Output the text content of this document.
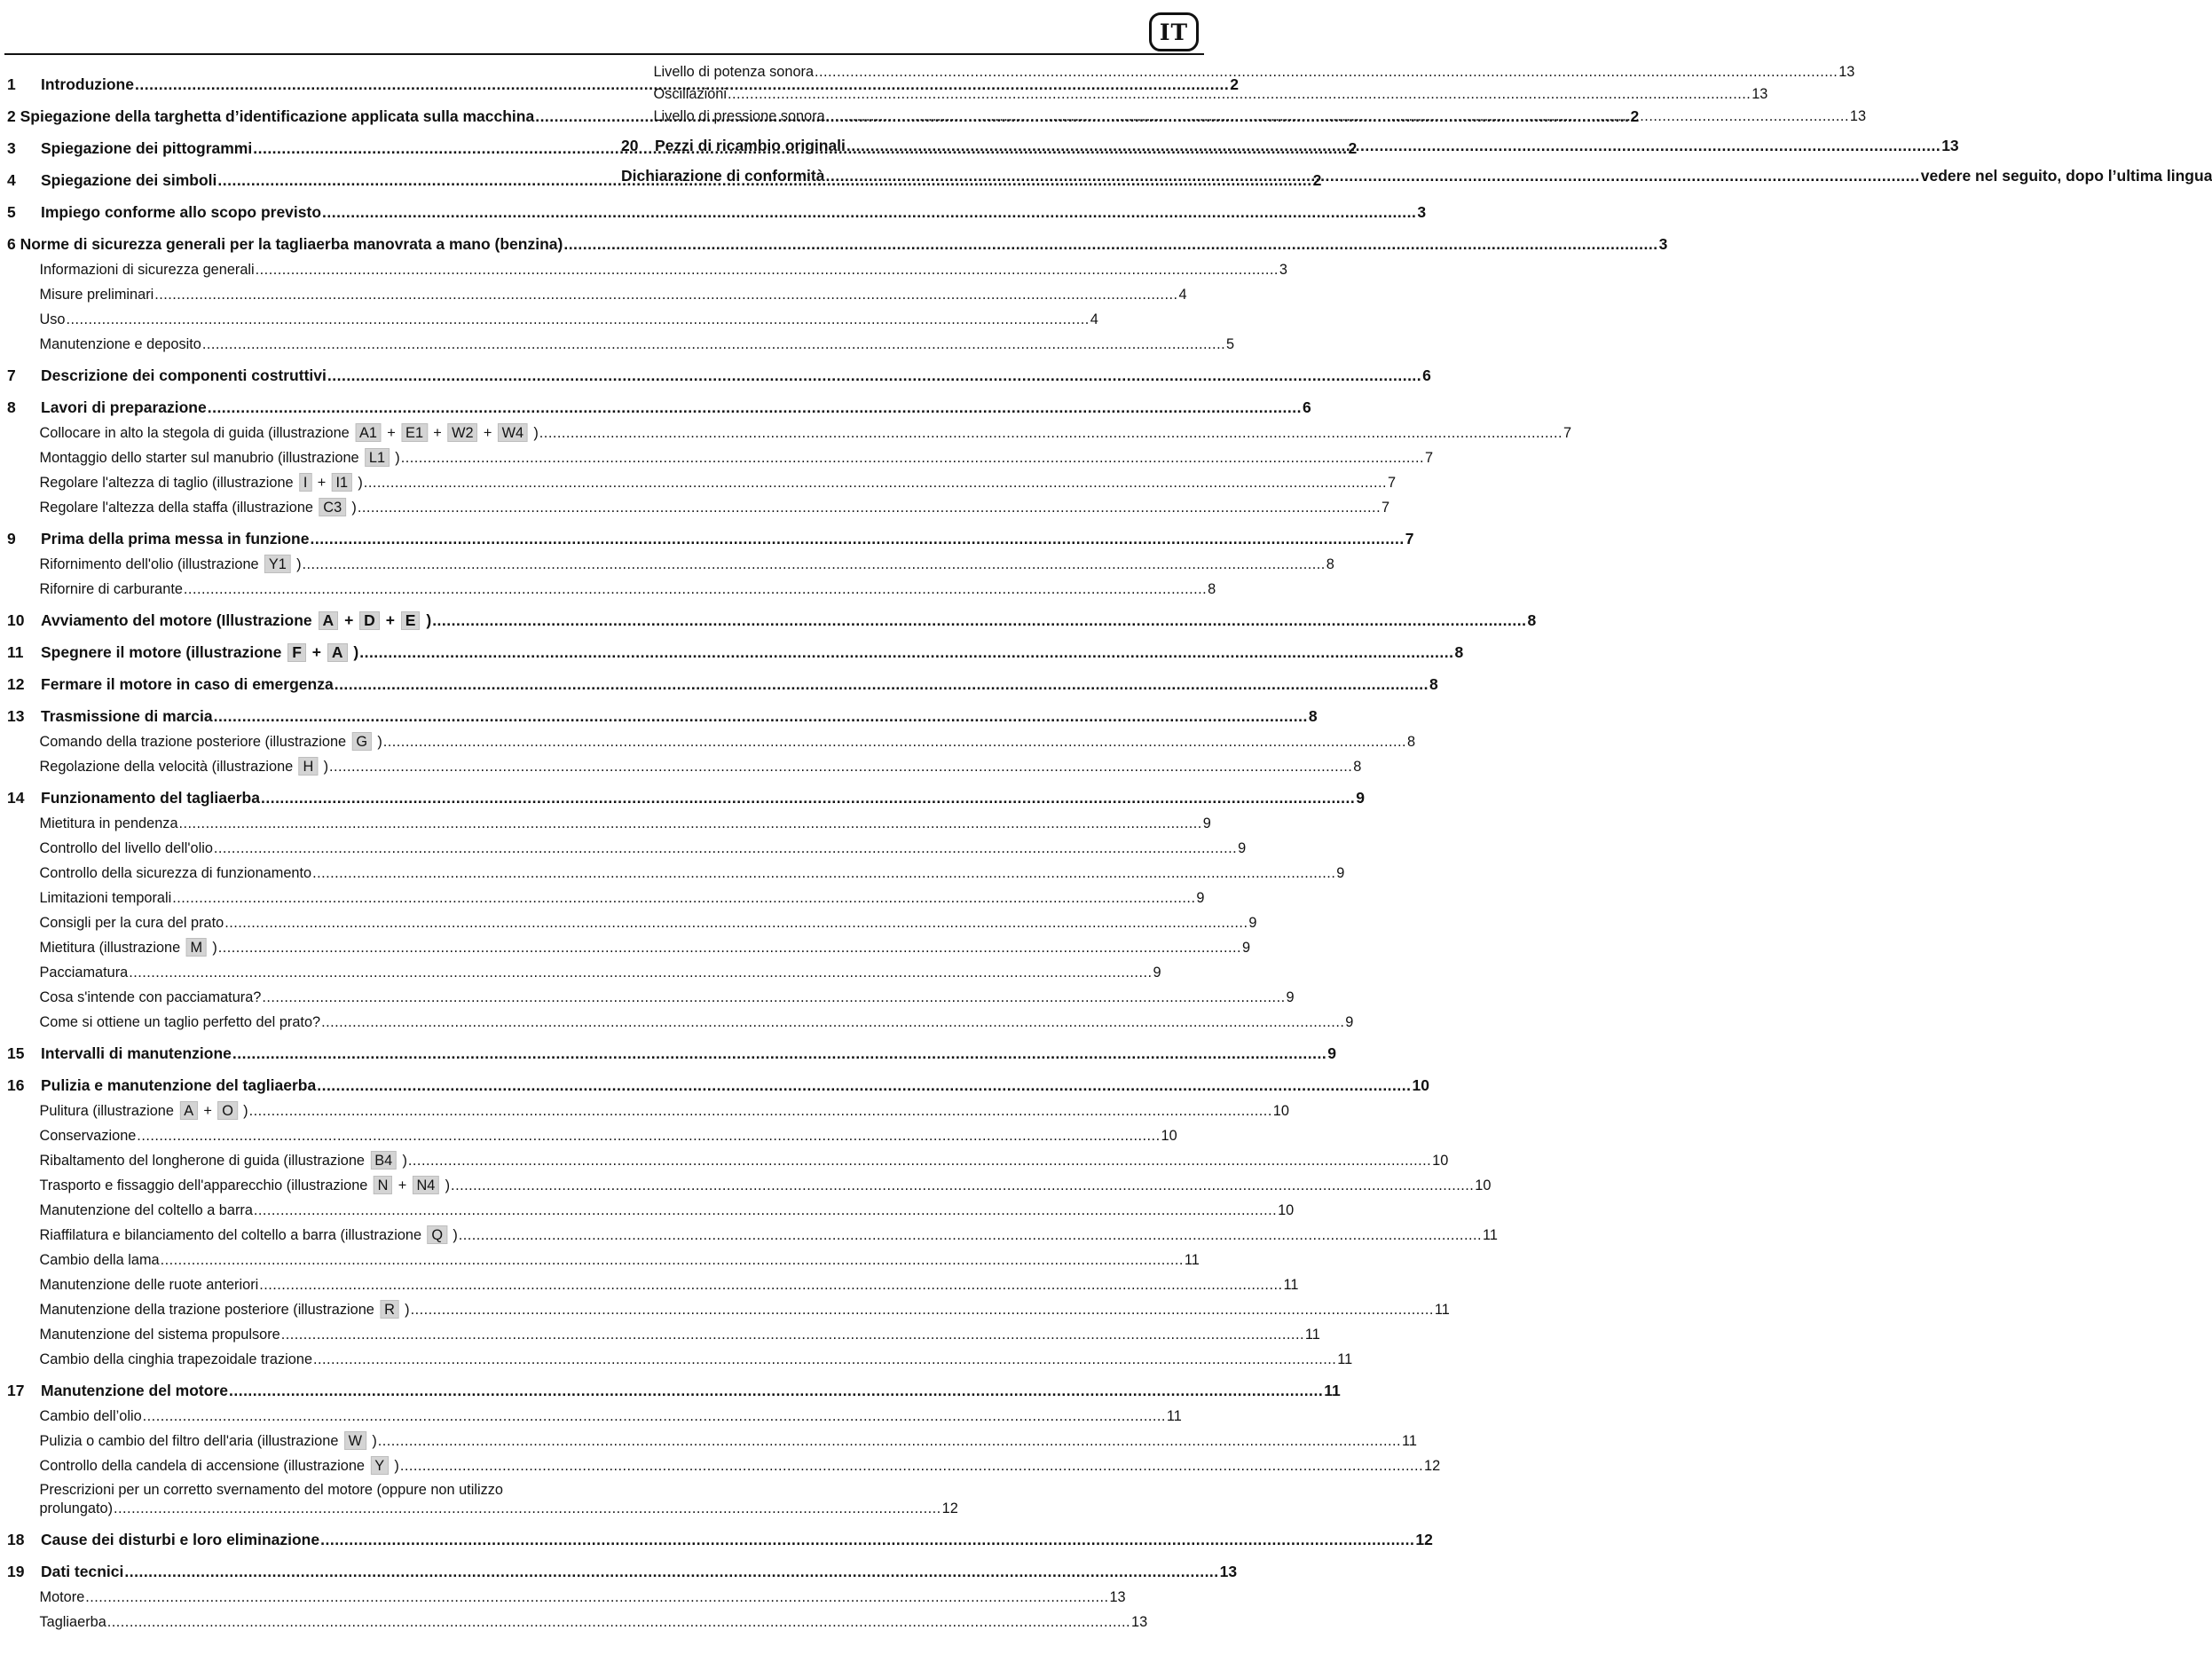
IT
1	Introduzione .....	2
2 Spiegazione della targhetta d’identificazione applicata sulla macchina .....	2
3	Spiegazione dei pittogrammi .....	2
4	Spiegazione dei simboli .....	2
5	Impiego conforme allo scopo previsto .....	3
6 Norme di sicurezza generali per la tagliaerba manovrata a mano (benzina) .....	3
Informazioni di sicurezza generali .....	3
Misure preliminari .....	4
Uso .....	4
Manutenzione e deposito .....	5
7	Descrizione dei componenti costruttivi .....	6
8	Lavori di preparazione .....	6
Collocare in alto la stegola di guida (illustrazione A1 + E1 + W2 + W4 ) .....	7
Montaggio dello starter sul manubrio (illustrazione L1 ) .....	7
Regolare l'altezza di taglio (illustrazione I + I1 ) .....	7
Regolare l'altezza della staffa (illustrazione C3 ) .....	7
9	Prima della prima messa in funzione .....	7
Rifornimento dell'olio (illustrazione Y1 ) .....	8
Rifornire di carburante .....	8
10	Avviamento del motore (Illustrazione A + D + E ) .....	8
11	Spegnere il motore (illustrazione F + A ) .....	8
12	Fermare il motore in caso di emergenza .....	8
13	Trasmissione di marcia .....	8
Comando della trazione posteriore (illustrazione G ) .....	8
Regolazione della velocità (illustrazione H ) .....	8
14	Funzionamento del tagliaerba .....	9
Mietitura in pendenza .....	9
Controllo del livello dell'olio .....	9
Controllo della sicurezza di funzionamento .....	9
Limitazioni temporali .....	9
Consigli per la cura del prato .....	9
Mietitura (illustrazione M ) .....	9
Pacciamatura .....	9
Cosa s'intende con pacciamatura? .....	9
Come si ottiene un taglio perfetto del prato? .....	9
15	Intervalli di manutenzione .....	9
16	Pulizia e manutenzione del tagliaerba .....	10
Pulitura (illustrazione A + O ) .....	10
Conservazione .....	10
Ribaltamento del longherone di guida (illustrazione B4 ) .....	10
Trasporto e fissaggio dell'apparecchio (illustrazione N + N4 ) .....	10
Manutenzione del coltello a barra .....	10
Riaffilatura e bilanciamento del coltello a barra (illustrazione Q ) .....	11
Cambio della lama .....	11
Manutenzione delle ruote anteriori .....	11
Manutenzione della trazione posteriore (illustrazione R ) .....	11
Manutenzione del sistema propulsore .....	11
Cambio della cinghia trapezoidale trazione .....	11
17	Manutenzione del motore .....	11
Cambio dell’olio .....	11
Pulizia o cambio del filtro dell'aria (illustrazione W ) .....	11
Controllo della candela di accensione (illustrazione Y ) .....	12
Prescrizioni per un corretto svernamento del motore (oppure non utilizzo
prolungato) .......................................................................................................................................................................................... 12
18	Cause dei disturbi e loro eliminazione .....	12
19	Dati tecnici .....	13
Motore .....	13
Tagliaerba .....	13
Livello di potenza sonora .....	13
Oscillazioni .....	13
Livello di pressione sonora .....	13
20	Pezzi di ricambio originali .....	13
Dichiarazione di conformità .....	vedere nel seguito, dopo l’ultima lingua
